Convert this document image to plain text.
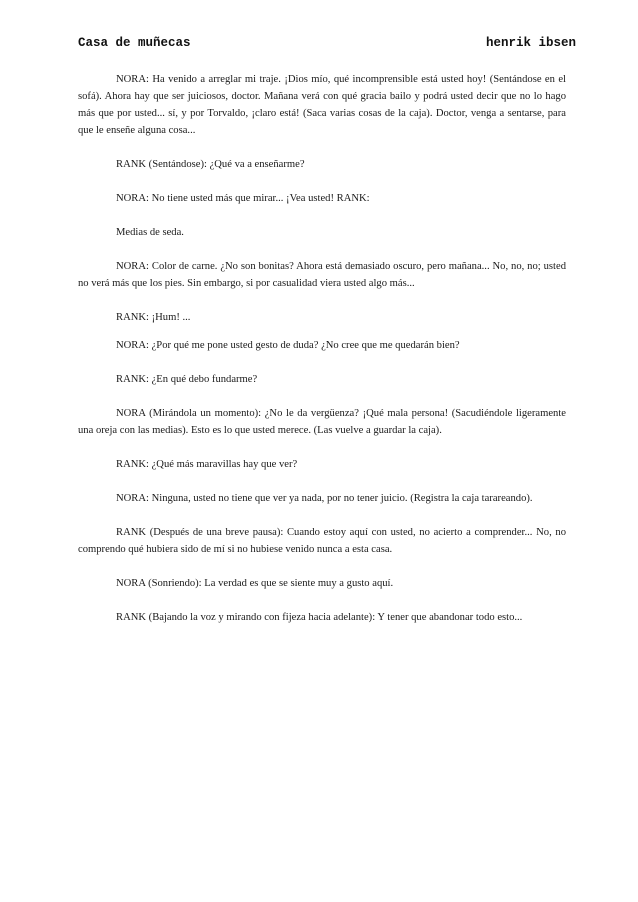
Casa de muñecas	henrik ibsen

NORA: Ha venido a arreglar mi traje. ¡Dios mío, qué incomprensible está usted hoy! (Sentándose en el sofá). Ahora hay que ser juiciosos, doctor. Mañana verá con qué gracia bailo y podrá usted decir que no lo hago más que por usted... sí, y por Torvaldo, ¡claro está! (Saca varias cosas de la caja). Doctor, venga a sentarse, para que le enseñe alguna cosa...

RANK (Sentándose): ¿Qué va a enseñarme?

NORA: No tiene usted más que mirar... ¡Vea usted! RANK:

Medias de seda.

NORA: Color de carne. ¿No son bonitas? Ahora está demasiado oscuro, pero mañana... No, no, no; usted no verá más que los pies. Sin embargo, si por casualidad viera usted algo más...

RANK: ¡Hum! ...

NORA: ¿Por qué me pone usted gesto de duda? ¿No cree que me quedarán bien?

RANK: ¿En qué debo fundarme?

NORA (Mirándola un momento): ¿No le da vergüenza? ¡Qué mala persona! (Sacudiéndole ligeramente una oreja con las medias). Esto es lo que usted merece. (Las vuelve a guardar la caja).

RANK: ¿Qué más maravillas hay que ver?

NORA: Ninguna, usted no tiene que ver ya nada, por no tener juicio. (Registra la caja tarareando).

RANK (Después de una breve pausa): Cuando estoy aquí con usted, no acierto a comprender... No, no comprendo qué hubiera sido de mí si no hubiese venido nunca a esta casa.

NORA (Sonriendo): La verdad es que se siente muy a gusto aquí.

RANK (Bajando la voz y mirando con fijeza hacia adelante): Y tener que abandonar todo esto...
